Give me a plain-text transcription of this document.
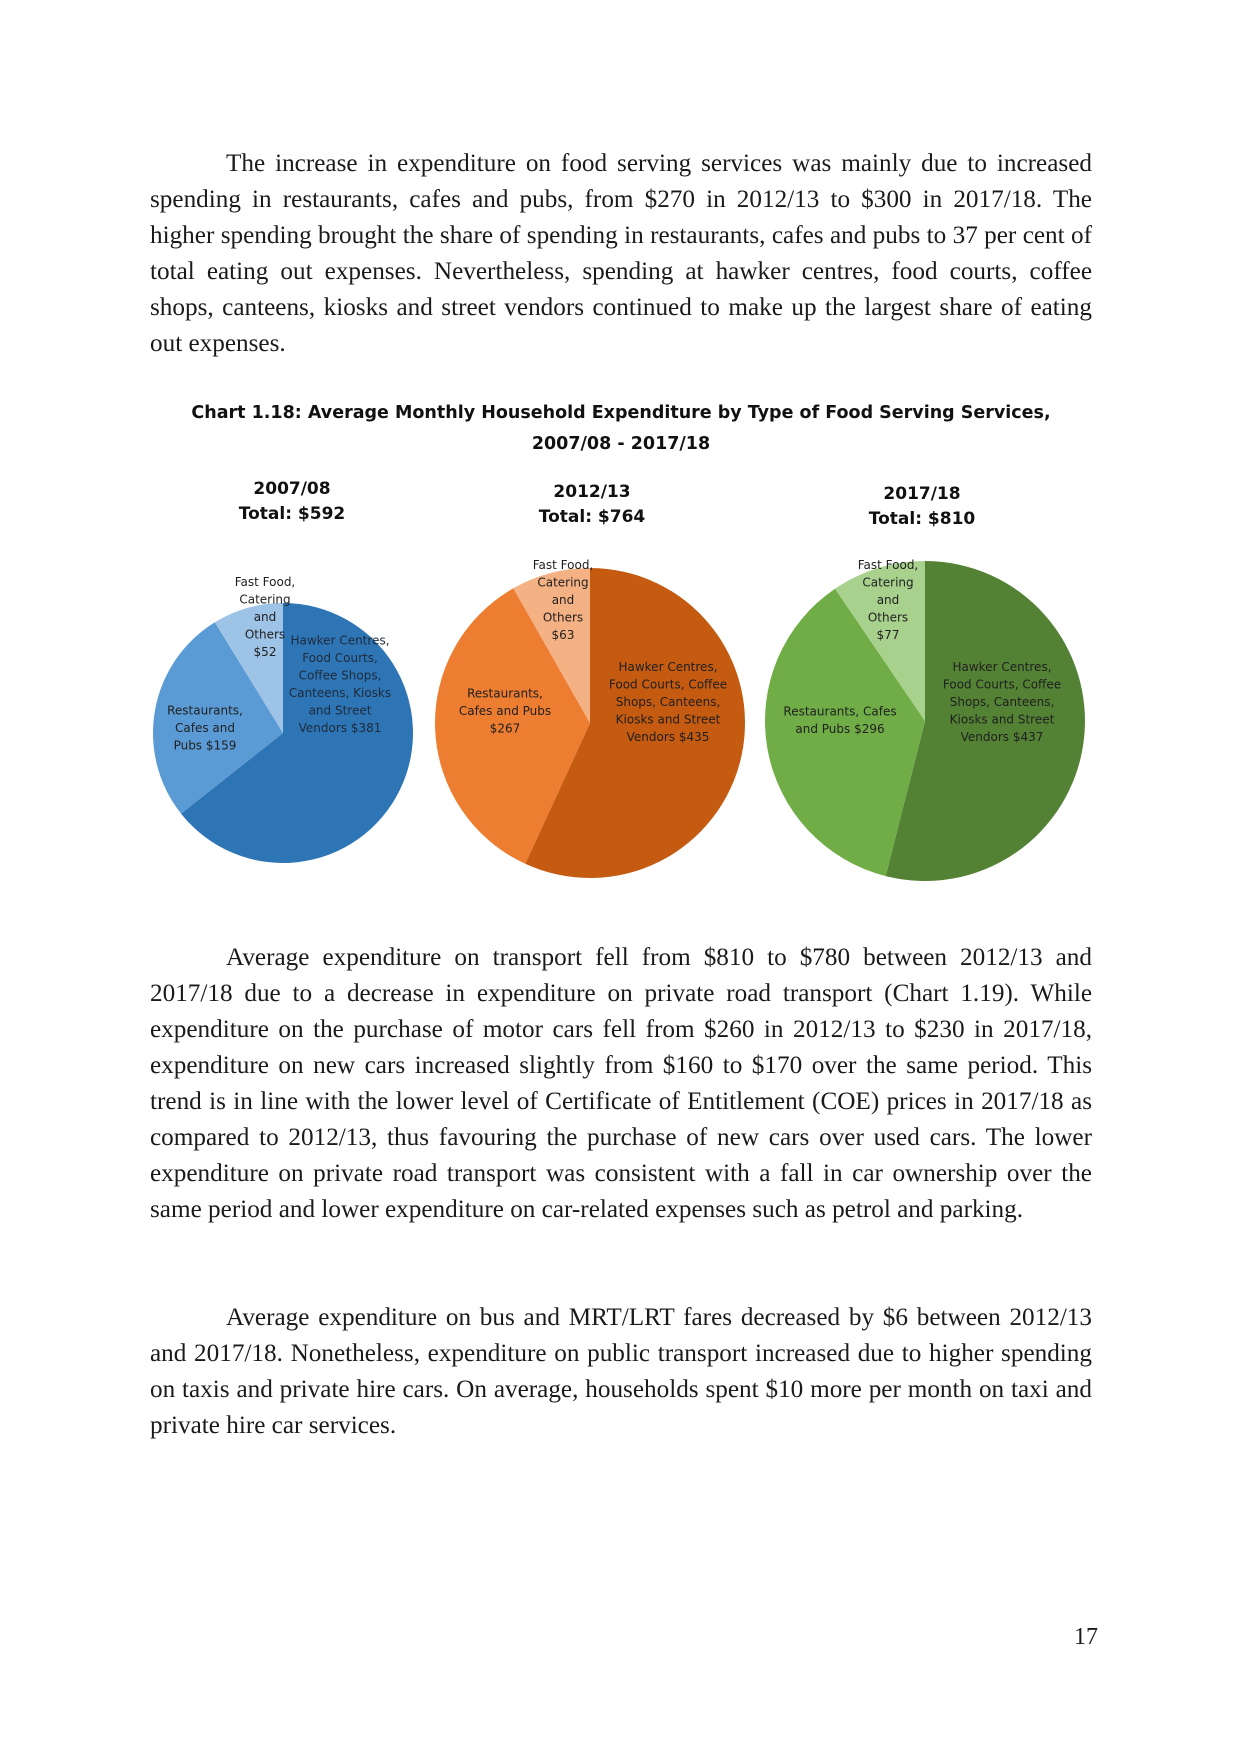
The increase in expenditure on food serving services was mainly due to increased spending in restaurants, cafes and pubs, from $270 in 2012/13 to $300 in 2017/18. The higher spending brought the share of spending in restaurants, cafes and pubs to 37 per cent of total eating out expenses. Nevertheless, spending at hawker centres, food courts, coffee shops, canteens, kiosks and street vendors continued to make up the largest share of eating out expenses.

Chart 1.18: Average Monthly Household Expenditure by Type of Food Serving Services,
2007/08 - 2017/18
2007/08
Total: $592
2012/13
Total: $764
2017/18
Total: $810
Hawker Centres, Food Courts, Coffee Shops, Canteens, Kiosks and Street Vendors $381
Restaurants, Cafes and Pubs $159
Fast Food, Catering and Others $52
Hawker Centres, Food Courts, Coffee Shops, Canteens, Kiosks and Street Vendors $435
Restaurants, Cafes and Pubs $267
Fast Food, Catering and Others $63
Hawker Centres, Food Courts, Coffee Shops, Canteens, Kiosks and Street Vendors $437
Restaurants, Cafes and Pubs $296
Fast Food, Catering and Others $77

Average expenditure on transport fell from $810 to $780 between 2012/13 and 2017/18 due to a decrease in expenditure on private road transport (Chart 1.19). While expenditure on the purchase of motor cars fell from $260 in 2012/13 to $230 in 2017/18, expenditure on new cars increased slightly from $160 to $170 over the same period. This trend is in line with the lower level of Certificate of Entitlement (COE) prices in 2017/18 as compared to 2012/13, thus favouring the purchase of new cars over used cars. The lower expenditure on private road transport was consistent with a fall in car ownership over the same period and lower expenditure on car-related expenses such as petrol and parking.

Average expenditure on bus and MRT/LRT fares decreased by $6 between 2012/13 and 2017/18. Nonetheless, expenditure on public transport increased due to higher spending on taxis and private hire cars. On average, households spent $10 more per month on taxi and private hire car services.

17
